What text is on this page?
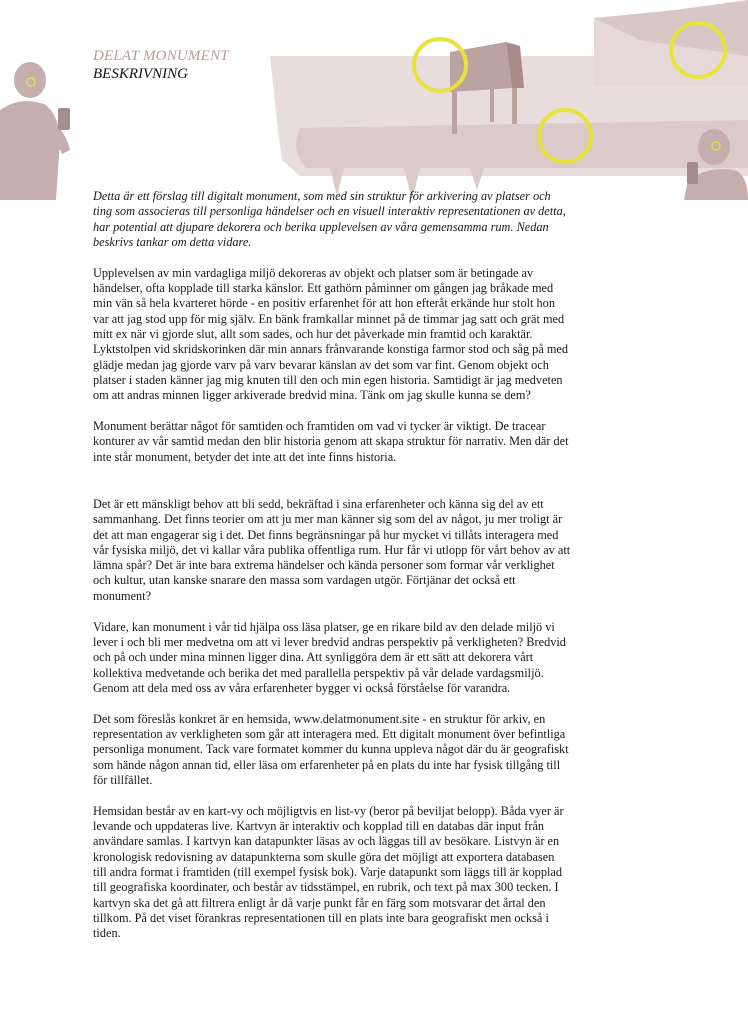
DELAT MONUMENT
BESKRIVNING

Detta är ett förslag till digitalt monument, som med sin struktur för arkivering av platser och ting som associeras till personliga händelser och en visuell interaktiv representationen av detta, har potential att djupare dekorera och berika upplevelsen av våra gemensamma rum. Nedan beskrivs tankar om detta vidare.

Upplevelsen av min vardagliga miljö dekoreras av objekt och platser som är betingade av händelser, ofta kopplade till starka känslor. Ett gathörn påminner om gången jag bråkade med min vän så hela kvarteret hörde - en positiv erfarenhet för att hon efteråt erkände hur stolt hon var att jag stod upp för mig själv. En bänk framkallar minnet på de timmar jag satt och grät med mitt ex när vi gjorde slut, allt som sades, och hur det påverkade min framtid och karaktär. Lyktstolpen vid skridskorinken där min annars frånvarande konstiga farmor stod och såg på med glädje medan jag gjorde varv på varv bevarar känslan av det som var fint. Genom objekt och platser i staden känner jag mig knuten till den och min egen historia. Samtidigt är jag medveten om att andras minnen ligger arkiverade bredvid mina. Tänk om jag skulle kunna se dem?

Monument berättar något för samtiden och framtiden om vad vi tycker är viktigt. De tracear konturer av vår samtid medan den blir historia genom att skapa struktur för narrativ. Men där det inte står monument, betyder det inte att det inte finns historia.

Det är ett mänskligt behov att bli sedd, bekräftad i sina erfarenheter och känna sig del av ett sammanhang. Det finns teorier om att ju mer man känner sig som del av något, ju mer troligt är det att man engagerar sig i det. Det finns begränsningar på hur mycket vi tillåts interagera med vår fysiska miljö, det vi kallar våra publika offentliga rum. Hur får vi utlopp för vårt behov av att lämna spår? Det är inte bara extrema händelser och kända personer som formar vår verklighet och kultur, utan kanske snarare den massa som vardagen utgör. Förtjänar det också ett monument?

Vidare, kan monument i vår tid hjälpa oss läsa platser, ge en rikare bild av den delade miljö vi lever i och bli mer medvetna om att vi lever bredvid andras perspektiv på verkligheten? Bredvid och på och under mina minnen ligger dina. Att synliggöra dem är ett sätt att dekorera vårt kollektiva medvetande och berika det med parallella perspektiv på vår delade vardagsmiljö. Genom att dela med oss av våra erfarenheter bygger vi också förståelse för varandra.

Det som föreslås konkret är en hemsida, www.delatmonument.site - en struktur för arkiv, en representation av verkligheten som går att interagera med. Ett digitalt monument över befintliga personliga monument. Tack vare formatet kommer du kunna uppleva något där du är geografiskt som hände någon annan tid, eller läsa om erfarenheter på en plats du inte har fysisk tillgång till för tillfället.

Hemsidan består av en kart-vy och möjligtvis en list-vy (beror på beviljat belopp). Båda vyer är levande och uppdateras live. Kartvyn är interaktiv och kopplad till en databas där input från användare samlas. I kartvyn kan datapunkter läsas av och läggas till av besökare. Listvyn är en kronologisk redovisning av datapunkterna som skulle göra det möjligt att exportera databasen till andra format i framtiden (till exempel fysisk bok). Varje datapunkt som läggs till är kopplad till geografiska koordinater, och består av tidsstämpel, en rubrik, och text på max 300 tecken. I kartvyn ska det gå att filtrera enligt år då varje punkt får en färg som motsvarar det årtal den tillkom. På det viset förankras representationen till en plats inte bara geografiskt men också i tiden.
